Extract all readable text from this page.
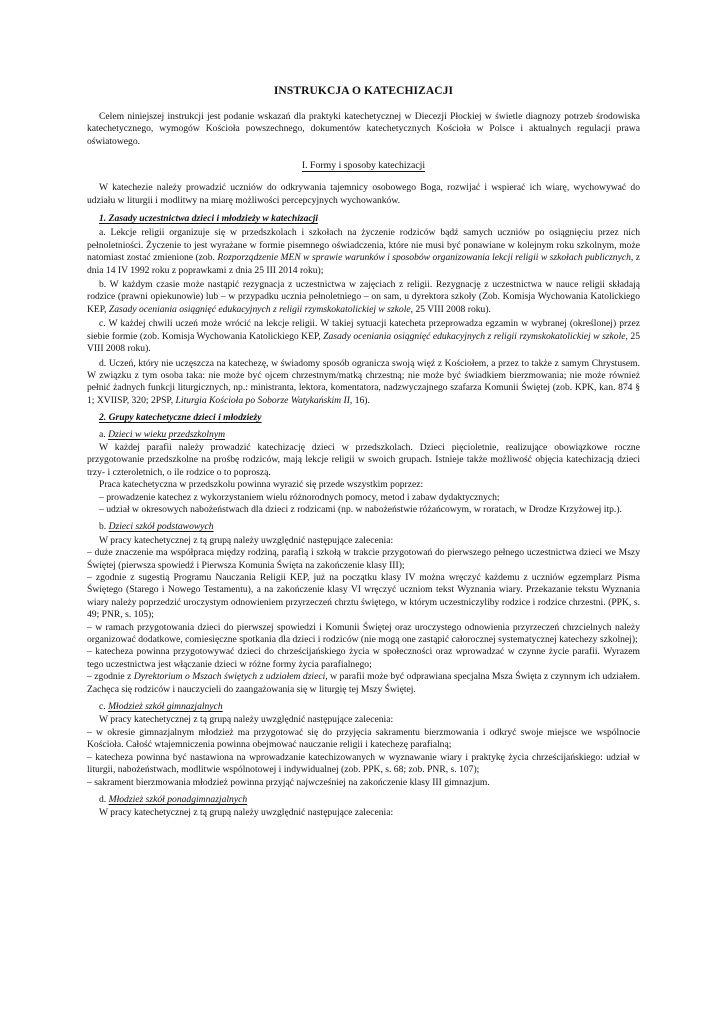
INSTRUKCJA O KATECHIZACJI

Celem niniejszej instrukcji jest podanie wskazań dla praktyki katechetycznej w Diecezji Płockiej w świetle diagnozy potrzeb środowiska katechetycznego, wymogów Kościoła powszechnego, dokumentów katechetycznych Kościoła w Polsce i aktualnych regulacji prawa oświatowego.

I. Formy i sposoby katechizacji

W katechezie należy prowadzić uczniów do odkrywania tajemnicy osobowego Boga, rozwijać i wspierać ich wiarę, wychowywać do udziału w liturgii i modlitwy na miarę możliwości percepcyjnych wychowanków.

1. Zasady uczestnictwa dzieci i młodzieży w katechizacji

a. Lekcje religii organizuje się w przedszkolach i szkołach na życzenie rodziców bądź samych uczniów po osiągnięciu przez nich pełnoletniości. Życzenie to jest wyrażane w formie pisemnego oświadczenia, które nie musi być ponawiane w kolejnym roku szkolnym, może natomiast zostać zmienione (zob. Rozporządzenie MEN w sprawie warunków i sposobów organizowania lekcji religii w szkołach publicznych, z dnia 14 IV 1992 roku z poprawkami z dnia 25 III 2014 roku);

b. W każdym czasie może nastąpić rezygnacja z uczestnictwa w zajęciach z religii. Rezygnację z uczestnictwa w nauce religii składają rodzice (prawni opiekunowie) lub – w przypadku ucznia pełnoletniego – on sam, u dyrektora szkoły (Zob. Komisja Wychowania Katolickiego KEP, Zasady oceniania osiągnięć edukacyjnych z religii rzymskokatolickiej w szkole, 25 VIII 2008 roku).

c. W każdej chwili uczeń może wrócić na lekcje religii. W takiej sytuacji katecheta przeprowadza egzamin w wybranej (określonej) przez siebie formie (zob. Komisja Wychowania Katolickiego KEP, Zasady oceniania osiągnięć edukacyjnych z religii rzymskokatolickiej w szkole, 25 VIII 2008 roku).

d. Uczeń, który nie uczęszcza na katechezę, w świadomy sposób ogranicza swoją więź z Kościołem, a przez to także z samym Chrystusem. W związku z tym osoba taka: nie może być ojcem chrzestnym/matką chrzestną; nie może być świadkiem bierzmowania; nie może również pełnić żadnych funkcji liturgicznych, np.: ministranta, lektora, komentatora, nadzwyczajnego szafarza Komunii Świętej (zob. KPK, kan. 874 § 1; XVIISP, 320; 2PSP, Liturgia Kościoła po Soborze Watykańskim II, 16).

2. Grupy katechetyczne dzieci i młodzieży

a. Dzieci w wieku przedszkolnym

W każdej parafii należy prowadzić katechizację dzieci w przedszkolach. Dzieci pięcioletnie, realizujące obowiązkowe roczne przygotowanie przedszkolne na prośbę rodziców, mają lekcje religii w swoich grupach. Istnieje także możliwość objęcia katechizacją dzieci trzy- i czteroletnich, o ile rodzice o to poproszą.

Praca katechetyczna w przedszkolu powinna wyrazić się przede wszystkim poprzez:

– prowadzenie katechez z wykorzystaniem wielu różnorodnych pomocy, metod i zabaw dydaktycznych;

– udział w okresowych nabożeństwach dla dzieci z rodzicami (np. w nabożeństwie różańcowym, w roratach, w Drodze Krzyżowej itp.).

b. Dzieci szkół podstawowych

W pracy katechetycznej z tą grupą należy uwzględnić następujące zalecenia:

– duże znaczenie ma współpraca między rodziną, parafią i szkołą w trakcie przygotowań do pierwszego pełnego uczestnictwa dzieci we Mszy Świętej (pierwsza spowiedź i Pierwsza Komunia Święta na zakończenie klasy III);

– zgodnie z sugestią Programu Nauczania Religii KEP, już na początku klasy IV można wręczyć każdemu z uczniów egzemplarz Pisma Świętego (Starego i Nowego Testamentu), a na zakończenie klasy VI wręczyć uczniom tekst Wyznania wiary. Przekazanie tekstu Wyznania wiary należy poprzedzić uroczystym odnowieniem przyrzeczeń chrztu świętego, w którym uczestniczyliby rodzice i rodzice chrzestni. (PPK, s. 49; PNR, s. 105);

– w ramach przygotowania dzieci do pierwszej spowiedzi i Komunii Świętej oraz uroczystego odnowienia przyrzeczeń chrzcielnych należy organizować dodatkowe, comiesięczne spotkania dla dzieci i rodziców (nie mogą one zastąpić całorocznej systematycznej katechezy szkolnej);

– katecheza powinna przygotowywać dzieci do chrześcijańskiego życia w społeczności oraz wprowadzać w czynne życie parafii. Wyrazem tego uczestnictwa jest włączanie dzieci w różne formy życia parafialnego;

– zgodnie z Dyrektorium o Mszach świętych z udziałem dzieci, w parafii może być odprawiana specjalna Msza Święta z czynnym ich udziałem. Zachęca się rodziców i nauczycieli do zaangażowania się w liturgię tej Mszy Świętej.

c. Młodzież szkół gimnazjalnych

W pracy katechetycznej z tą grupą należy uwzględnić następujące zalecenia:

– w okresie gimnazjalnym młodzież ma przygotować się do przyjęcia sakramentu bierzmowania i odkryć swoje miejsce we wspólnocie Kościoła. Całość wtajemniczenia powinna obejmować nauczanie religii i katechezę parafialną;

– katecheza powinna być nastawiona na wprowadzanie katechizowanych w wyznawanie wiary i praktykę życia chrześcijańskiego: udział w liturgii, nabożeństwach, modlitwie wspólnotowej i indywidualnej (zob. PPK, s. 68; zob. PNR, s. 107);

– sakrament bierzmowania młodzież powinna przyjąć najwcześniej na zakończenie klasy III gimnazjum.

d. Młodzież szkół ponadgimnazjalnych

W pracy katechetycznej z tą grupą należy uwzględnić następujące zalecenia:
